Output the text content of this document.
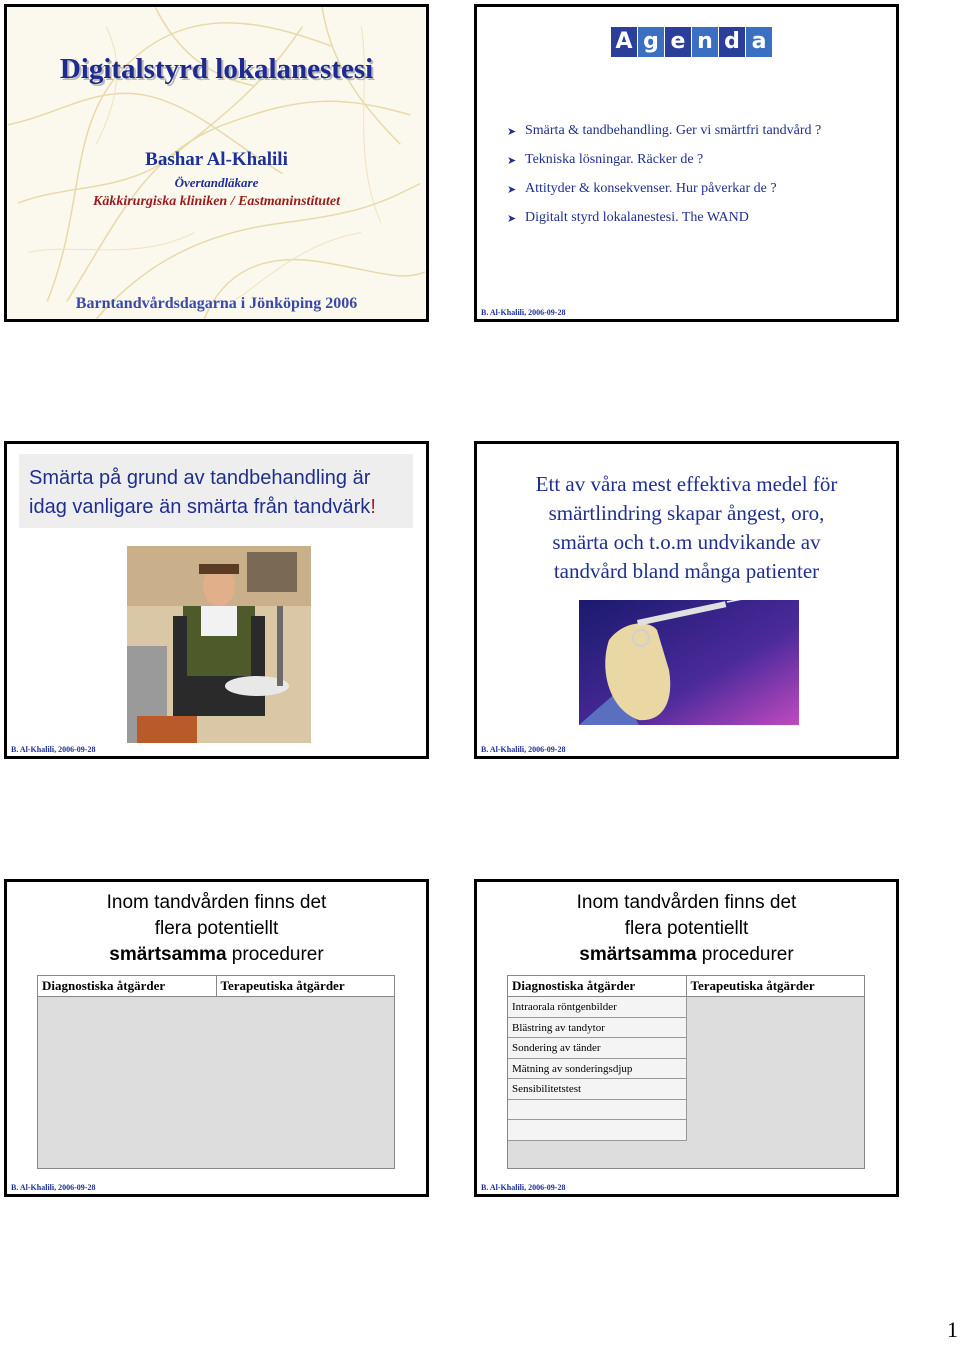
Digitalstyrd lokalanestesi
Bashar Al-Khalili
Övertandläkare
Käkkirurgiska kliniken / Eastmaninstitutet
Barntandvårdsdagarna i Jönköping 2006
A g e n d a
➤ Smärta & tandbehandling. Ger vi smärtfri tandvård ?
➤ Tekniska lösningar. Räcker de ?
➤ Attityder & konsekvenser. Hur påverkar de ?
➤ Digitalt styrd lokalanestesi. The WAND
B. Al-Khalili, 2006-09-28
Smärta på grund av tandbehandling är
idag vanligare än smärta från tandvärk!
B. Al-Khalili, 2006-09-28
Ett av våra mest effektiva medel för
smärtlindring skapar ångest, oro,
smärta och t.o.m undvikande av
tandvård bland många patienter
B. Al-Khalili, 2006-09-28
Inom tandvården finns det
flera potentiellt
smärtsamma procedurer
Diagnostiska åtgärder	Terapeutiska åtgärder
B. Al-Khalili, 2006-09-28
Inom tandvården finns det
flera potentiellt
smärtsamma procedurer
Diagnostiska åtgärder	Terapeutiska åtgärder
Intraorala röntgenbilder
Blästring av tandytor
Sondering av tänder
Mätning av sonderingsdjup
Sensibilitetstest
B. Al-Khalili, 2006-09-28
1
